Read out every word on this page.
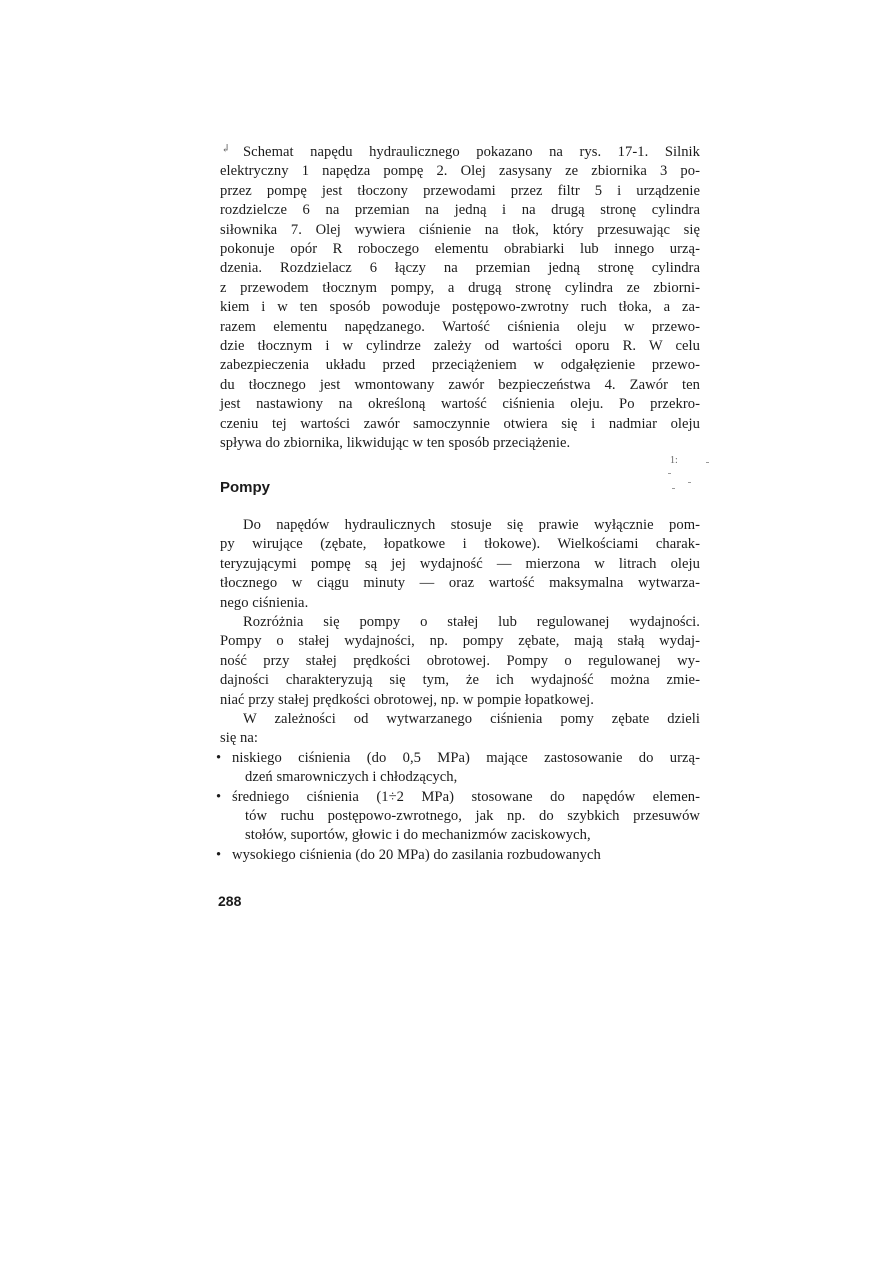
↲ Schemat napędu hydraulicznego pokazano na rys. 17-1. Silnik
elektryczny 1 napędza pompę 2. Olej zasysany ze zbiornika 3 po-
przez pompę jest tłoczony przewodami przez filtr 5 i urządzenie
rozdzielcze 6 na przemian na jedną i na drugą stronę cylindra
siłownika 7. Olej wywiera ciśnienie na tłok, który przesuwając się
pokonuje opór R roboczego elementu obrabiarki lub innego urzą-
dzenia. Rozdzielacz 6 łączy na przemian jedną stronę cylindra
z przewodem tłocznym pompy, a drugą stronę cylindra ze zbiorni-
kiem i w ten sposób powoduje postępowo-zwrotny ruch tłoka, a za-
razem elementu napędzanego. Wartość ciśnienia oleju w przewo-
dzie tłocznym i w cylindrze zależy od wartości oporu R. W celu
zabezpieczenia układu przed przeciążeniem w odgałęzienie przewo-
du tłocznego jest wmontowany zawór bezpieczeństwa 4. Zawór ten
jest nastawiony na określoną wartość ciśnienia oleju. Po przekro-
czeniu tej wartości zawór samoczynnie otwiera się i nadmiar oleju
spływa do zbiornika, likwidując w ten sposób przeciążenie.
1:
Pompy
Do napędów hydraulicznych stosuje się prawie wyłącznie pom-
py wirujące (zębate, łopatkowe i tłokowe). Wielkościami charak-
teryzującymi pompę są jej wydajność — mierzona w litrach oleju
tłocznego w ciągu minuty — oraz wartość maksymalna wytwarza-
nego ciśnienia.
Rozróżnia się pompy o stałej lub regulowanej wydajności.
Pompy o stałej wydajności, np. pompy zębate, mają stałą wydaj-
ność przy stałej prędkości obrotowej. Pompy o regulowanej wy-
dajności charakteryzują się tym, że ich wydajność można zmie-
niać przy stałej prędkości obrotowej, np. w pompie łopatkowej.
W zależności od wytwarzanego ciśnienia pomy zębate dzieli
się na:
• niskiego ciśnienia (do 0,5 MPa) mające zastosowanie do urzą-
dzeń smarowniczych i chłodzących,
• średniego ciśnienia (1÷2 MPa) stosowane do napędów elemen-
tów ruchu postępowo-zwrotnego, jak np. do szybkich przesuwów
stołów, suportów, głowic i do mechanizmów zaciskowych,
• wysokiego ciśnienia (do 20 MPa) do zasilania rozbudowanych
288
